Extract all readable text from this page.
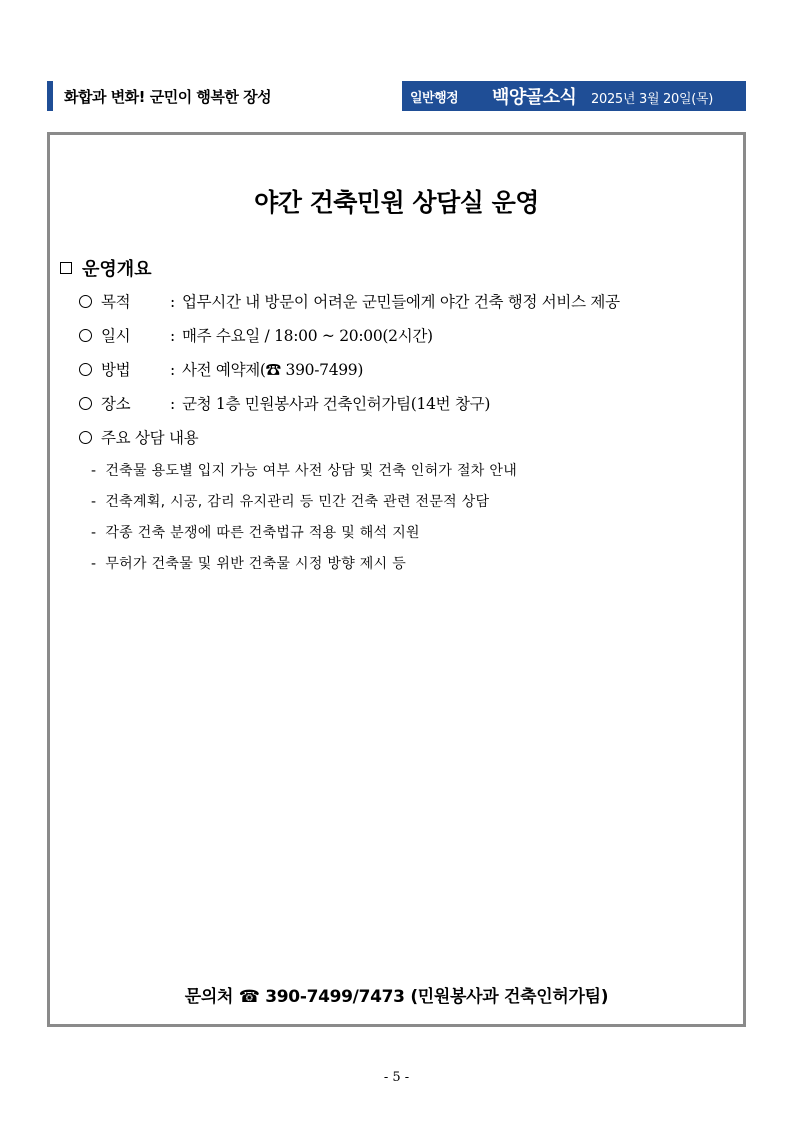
화합과 변화! 군민이 행복한 장성	일반행정 백양골소식 2025년 3월 20일(목)
야간 건축민원 상담실 운영
운영개요
목적	: 업무시간 내 방문이 어려운 군민들에게 야간 건축 행정 서비스 제공
일시	: 매주 수요일 / 18:00 ~ 20:00(2시간)
방법	: 사전 예약제(☎ 390-7499)
장소	: 군청 1층 민원봉사과 건축인허가팀(14번 창구)
주요 상담 내용
- 건축물 용도별 입지 가능 여부 사전 상담 및 건축 인허가 절차 안내
- 건축계획, 시공, 감리 유지관리 등 민간 건축 관련 전문적 상담
- 각종 건축 분쟁에 따른 건축법규 적용 및 해석 지원
- 무허가 건축물 및 위반 건축물 시정 방향 제시 등
문의처 ☎ 390-7499/7473 (민원봉사과 건축인허가팀)
- 5 -
